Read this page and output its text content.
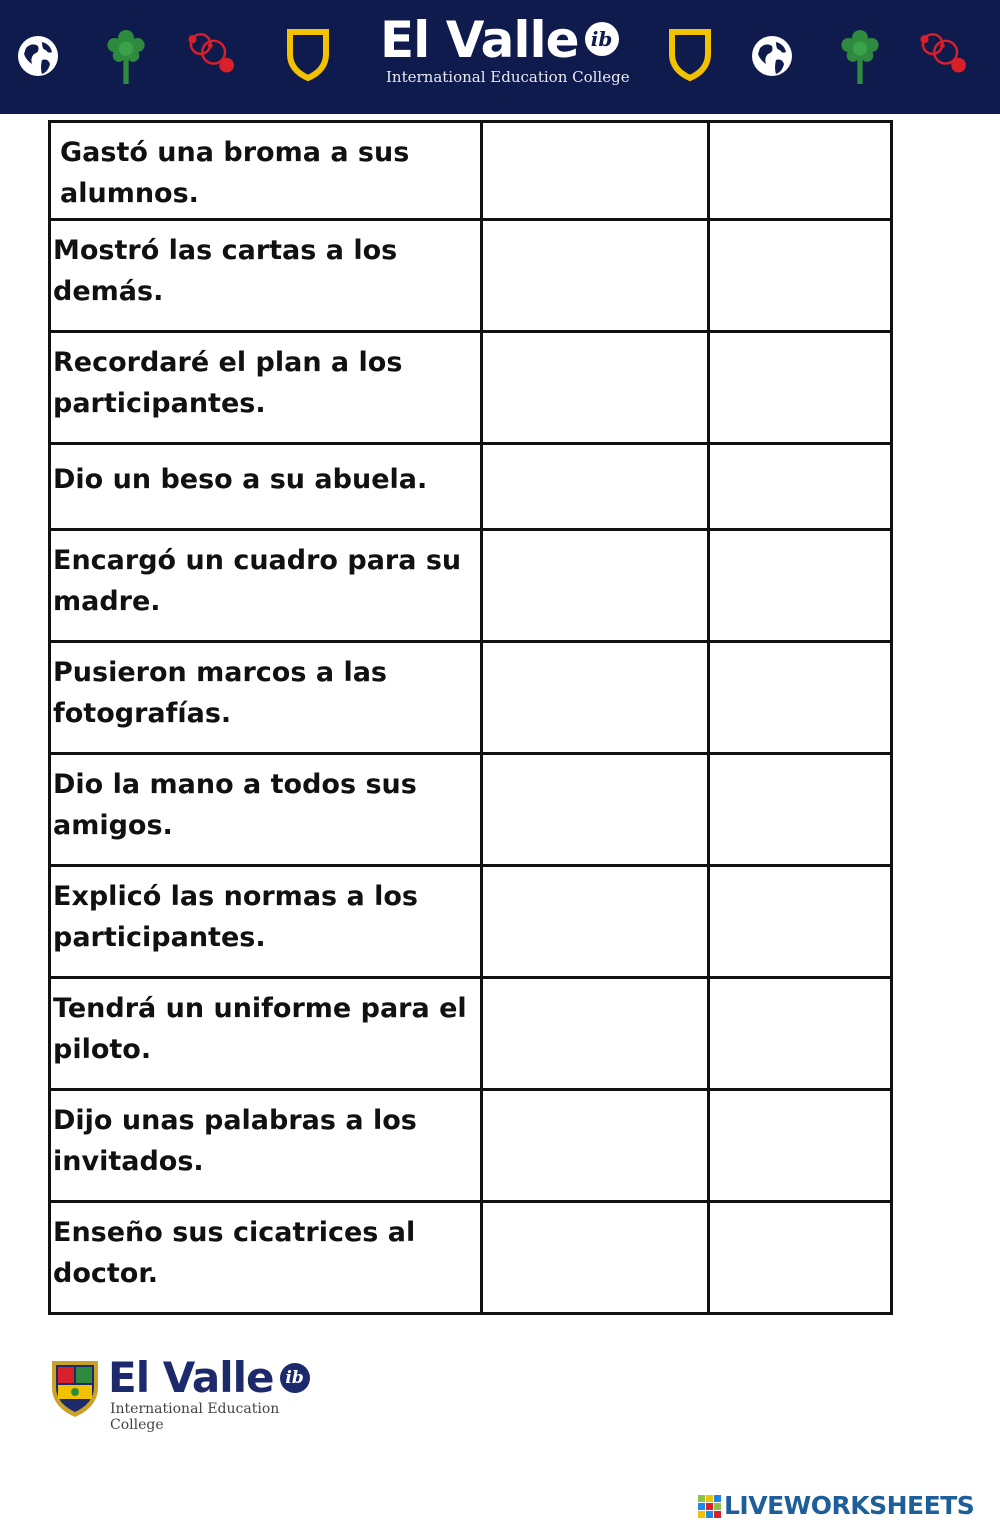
El Valle ib
International Education College
Gastó una broma a sus alumnos.		
Mostró las cartas a los demás.		
Recordaré el plan a los participantes.		
Dio un beso a su abuela.		
Encargó un cuadro para su madre.		
Pusieron marcos a las fotografías.		
Dio la mano a todos sus amigos.		
Explicó las normas a los participantes.		
Tendrá un uniforme para el piloto.		
Dijo unas palabras a los invitados.		
Enseño sus cicatrices al doctor.		
El Valle ib
International Education College
LIVEWORKSHEETS
